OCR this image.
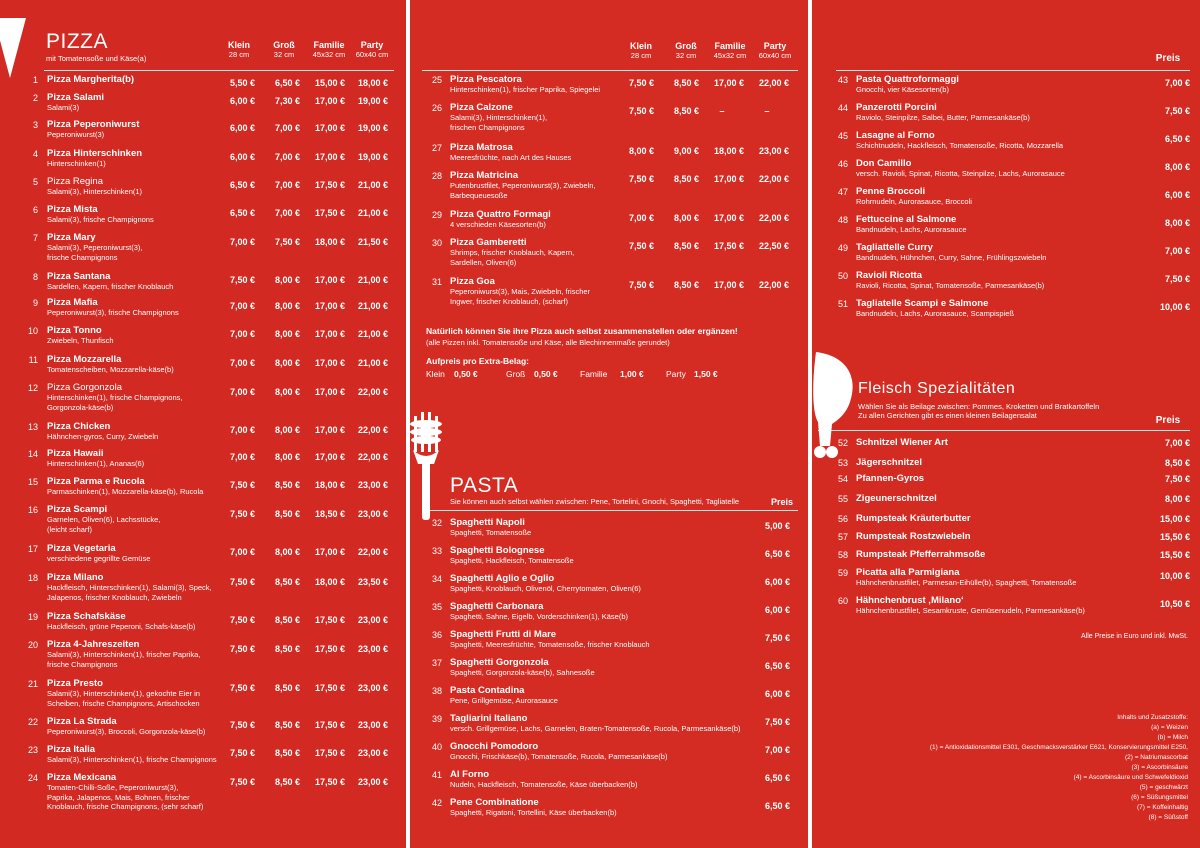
PIZZA
mit Tomatensoße und Käse(a)
Klein
28 cm
Groß
32 cm
Familie
45x32 cm
Party
60x40 cm
1 Pizza Margherita(b)	5,50 €	6,50 €	15,00 €	18,00 €
2 Pizza Salami
Salami(3)
6,00 €	7,30 €	17,00 €	19,00 €
3 Pizza Peperoniwurst
Peperoniwurst(3)
6,00 €	7,00 €	17,00 €	19,00 €
4 Pizza Hinterschinken
Hinterschinken(1)
6,00 €	7,00 €	17,00 €	19,00 €
5 Pizza Regina
Salami(3), Hinterschinken(1)
6,50 €	7,00 €	17,50 €	21,00 €
6 Pizza Mista
Salami(3), frische Champignons
6,50 €	7,00 €	17,50 €	21,00 €
7 Pizza Mary
Salami(3), Peperoniwurst(3),
frische Champignons
7,00 €	7,50 €	18,00 €	21,50 €
8 Pizza Santana
Sardellen, Kapern, frischer Knoblauch
7,50 €	8,00 €	17,00 €	21,00 €
9 Pizza Mafia
Peperoniwurst(3), frische Champignons
7,00 €	8,00 €	17,00 €	21,00 €
10 Pizza Tonno
Zwiebeln, Thunfisch
7,00 €	8,00 €	17,00 €	21,00 €
11 Pizza Mozzarella
Tomatenscheiben, Mozzarella-käse(b)
7,00 €	8,00 €	17,00 €	21,00 €
12 Pizza Gorgonzola
Hinterschinken(1), frische Champignons,
Gorgonzola-käse(b)
7,00 €	8,00 €	17,00 €	22,00 €
13 Pizza Chicken
Hähnchen-gyros, Curry, Zwiebeln
7,00 €	8,00 €	17,00 €	22,00 €
14 Pizza Hawaii
Hinterschinken(1), Ananas(6)
7,00 €	8,00 €	17,00 €	22,00 €
15 Pizza Parma e Rucola
Parmaschinken(1), Mozzarella-käse(b), Rucola
7,50 €	8,50 €	18,00 €	23,00 €
16 Pizza Scampi
Garnelen, Oliven(6), Lachsstücke,
(leicht scharf)
7,50 €	8,50 €	18,50 €	23,00 €
17 Pizza Vegetaria
verschiedene gegrillte Gemüse
7,00 €	8,00 €	17,00 €	22,00 €
18 Pizza Milano
Hackfleisch, Hinterschinken(1), Salami(3), Speck,
Jalapenos, frischer Knoblauch, Zwiebeln
7,50 €	8,50 €	18,00 €	23,50 €
19 Pizza Schafskäse
Hackfleisch, grüne Peperoni, Schafs-käse(b)
7,50 €	8,50 €	17,50 €	23,00 €
20 Pizza 4-Jahreszeiten
Salami(3), Hinterschinken(1), frischer Paprika,
frische Champignons
7,50 €	8,50 €	17,50 €	23,00 €
21 Pizza Presto
Salami(3), Hinterschinken(1), gekochte Eier in
Scheiben, frische Champignons, Artischocken
7,50 €	8,50 €	17,50 €	23,00 €
22 Pizza La Strada
Peperoniwurst(3), Broccoli, Gorgonzola-käse(b)
7,50 €	8,50 €	17,50 €	23,00 €
23 Pizza Italia
Salami(3), Hinterschinken(1), frische Champignons
7,50 €	8,50 €	17,50 €	23,00 €
24 Pizza Mexicana
Tomaten-Chilli-Soße, Peperoniwurst(3),
Paprika, Jalapenos, Mais, Bohnen, frischer
Knoblauch, frische Champignons, (sehr scharf)
7,50 €	8,50 €	17,50 €	23,00 €
Klein
28 cm
Groß
32 cm
Familie
45x32 cm
Party
60x40 cm
25 Pizza Pescatora
Hinterschinken(1), frischer Paprika, Spiegelei
7,50 €	8,50 €	17,00 €	22,00 €
26 Pizza Calzone
Salami(3), Hinterschinken(1),
frischen Champignons
7,50 €	8,50 €	–	–
27 Pizza Matrosa
Meeresfrüchte, nach Art des Hauses
8,00 €	9,00 €	18,00 €	23,00 €
28 Pizza Matricina
Putenbrustfilet, Peperoniwurst(3), Zwiebeln,
Barbequeuesoße
7,50 €	8,50 €	17,00 €	22,00 €
29 Pizza Quattro Formagi
4 verschieden Käsesorten(b)
7,00 €	8,00 €	17,00 €	22,00 €
30 Pizza Gamberetti
Shrimps, frischer Knoblauch, Kapern,
Sardellen, Oliven(6)
7,50 €	8,50 €	17,50 €	22,50 €
31 Pizza Goa
Peperoniwurst(3), Mais, Zwiebeln, frischer
Ingwer, frischer Knoblauch, (scharf)
7,50 €	8,50 €	17,00 €	22,00 €
Natürlich können Sie ihre Pizza auch selbst zusammenstellen oder ergänzen!
(alle Pizzen inkl. Tomatensoße und Käse, alle Blechinnenmaße gerundet)
Aufpreis pro Extra-Belag:
Klein 0,50 €	Groß 0,50 €	Familie 1,00 €	Party 1,50 €
PASTA
Sie können auch selbst wählen zwischen: Pene, Tortelini, Gnochi, Spaghetti, Tagliatelle	Preis
32 Spaghetti Napoli
Spaghetti, Tomatensoße
5,00 €
33 Spaghetti Bolognese
Spaghetti, Hackfleisch, Tomatensoße
6,50 €
34 Spaghetti Aglio e Oglio
Spaghetti, Knoblauch, Olivenöl, Cherrytomaten, Oliven(6)
6,00 €
35 Spaghetti Carbonara
Spaghetti, Sahne, Eigelb, Vorderschinken(1), Käse(b)
6,00 €
36 Spaghetti Frutti di Mare
Spaghetti, Meeresfrüchte, Tomatensoße, frischer Knoblauch
7,50 €
37 Spaghetti Gorgonzola
Spaghetti, Gorgonzola-käse(b), Sahnesoße
6,50 €
38 Pasta Contadina
Pene, Grillgemüse, Aurorasauce
6,00 €
39 Tagliarini Italiano
versch. Grillgemüse, Lachs, Garnelen, Braten-Tomatensoße, Rucola, Parmesankäse(b)
7,50 €
40 Gnocchi Pomodoro
Gnocchi, Frischkäse(b), Tomatensoße, Rucola, Parmesankäse(b)
7,00 €
41 Al Forno
Nudeln, Hackfleisch, Tomatensoße, Käse überbacken(b)
6,50 €
42 Pene Combinatione
Spaghetti, Rigatoni, Tortellini, Käse überbacken(b)
6,50 €
Preis
43 Pasta Quattroformaggi
Gnocchi, vier Käsesorten(b)
7,00 €
44 Panzerotti Porcini
Raviolo, Steinpilze, Salbei, Butter, Parmesankäse(b)
7,50 €
45 Lasagne al Forno
Schichtnudeln, Hackfleisch, Tomatensoße, Ricotta, Mozzarella
6,50 €
46 Don Camillo
versch. Ravioli, Spinat, Ricotta, Steinpilze, Lachs, Aurorasauce
8,00 €
47 Penne Broccoli
Rohrnudeln, Aurorasauce, Broccoli
6,00 €
48 Fettuccine al Salmone
Bandnudeln, Lachs, Aurorasauce
8,00 €
49 Tagliattelle Curry
Bandnudeln, Hühnchen, Curry, Sahne, Frühlingszwiebeln
7,00 €
50 Ravioli Ricotta
Ravioli, Ricotta, Spinat, Tomatensoße, Parmesankäse(b)
7,50 €
51 Tagliatelle Scampi e Salmone
Bandnudeln, Lachs, Aurorasauce, Scampispieß
10,00 €
Fleisch Spezialitäten
Wählen Sie als Beilage zwischen: Pommes, Kroketten und Bratkartoffeln
Zu allen Gerichten gibt es einen kleinen Beilagensalat	Preis
52 Schnitzel Wiener Art	7,00 €
53 Jägerschnitzel	8,50 €
54 Pfannen-Gyros	7,50 €
55 Zigeunerschnitzel	8,00 €
56 Rumpsteak Kräuterbutter	15,00 €
57 Rumpsteak Rostzwiebeln	15,50 €
58 Rumpsteak Pfefferrahmsoße	15,50 €
59 Picatta alla Parmigiana
Hähnchenbrustfilet, Parmesan-Eihülle(b), Spaghetti, Tomatensoße
10,00 €
60 Hähnchenbrust ‚Milano‘
Hähnchenbrustfilet, Sesamkruste, Gemüsenudeln, Parmesankäse(b)
10,50 €
Alle Preise in Euro und inkl. MwSt.
Inhalts und Zusatzstoffe:
(a) = Weizen
(b) = Milch
(1) = Antioxidationsmittel E301, Geschmacksverstärker E621, Konservierungsmittel E250,
(2) = Natriumascorbat
(3) = Ascorbinsäure
(4) = Ascorbinsäure und Schwefeldioxid
(5) = geschwärzt
(6) = Süßungsmittel
(7) = Koffeinhaltig
(8) = Süßstoff
